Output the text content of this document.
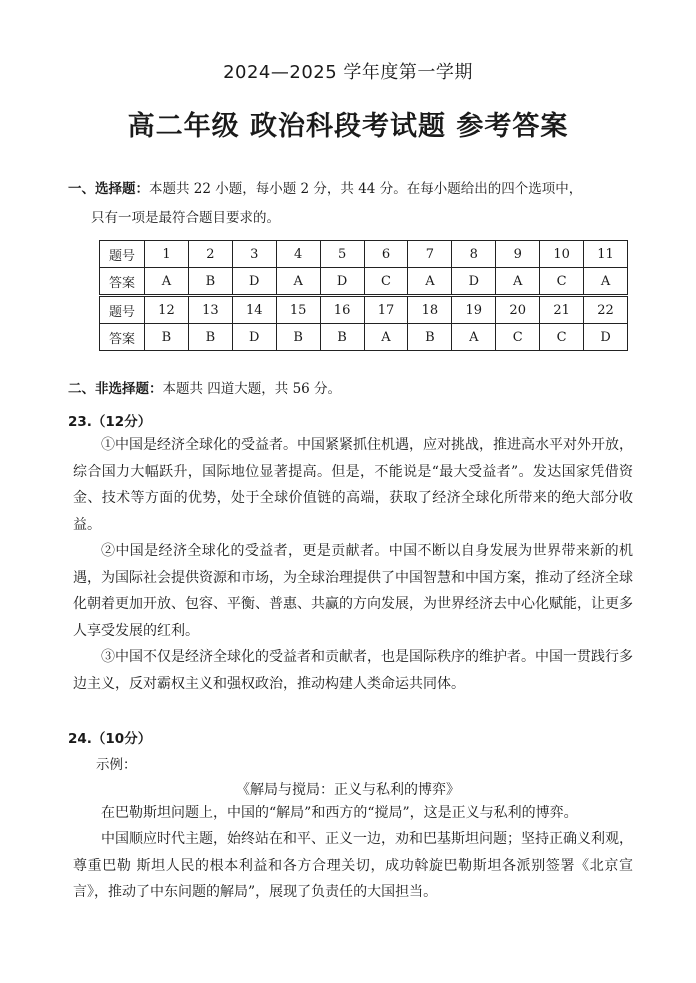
2024—2025 学年度第一学期
高二年级 政治科段考试题 参考答案
一、选择题：本题共 22 小题，每小题 2 分，共 44 分。在每小题给出的四个选项中，
只有一项是最符合题目要求的。
题号	1	2	3	4	5	6	7	8	9	10	11
答案	A	B	D	A	D	C	A	D	A	C	A
题号	12	13	14	15	16	17	18	19	20	21	22
答案	B	B	D	B	B	A	B	A	C	C	D
二、非选择题：本题共 四道大题，共 56 分。
23.（12分）
①中国是经济全球化的受益者。中国紧紧抓住机遇，应对挑战，推进高水平对外开放，综合国力大幅跃升，国际地位显著提高。但是，不能说是“最大受益者”。发达国家凭借资金、技术等方面的优势，处于全球价值链的高端，获取了经济全球化所带来的绝大部分收益。
②中国是经济全球化的受益者，更是贡献者。中国不断以自身发展为世界带来新的机遇，为国际社会提供资源和市场，为全球治理提供了中国智慧和中国方案，推动了经济全球化朝着更加开放、包容、平衡、普惠、共赢的方向发展，为世界经济去中心化赋能，让更多人享受发展的红利。
③中国不仅是经济全球化的受益者和贡献者，也是国际秩序的维护者。中国一贯践行多边主义，反对霸权主义和强权政治，推动构建人类命运共同体。
24.（10分）
示例：
《解局与搅局：正义与私利的博弈》
在巴勒斯坦问题上，中国的“解局”和西方的“搅局”，这是正义与私利的博弈。
中国顺应时代主题，始终站在和平、正义一边，劝和巴基斯坦问题；坚持正确义利观，尊重巴勒 斯坦人民的根本利益和各方合理关切，成功斡旋巴勒斯坦各派别签署《北京宣言》，推动了中东问题的解局”，展现了负责任的大国担当。
